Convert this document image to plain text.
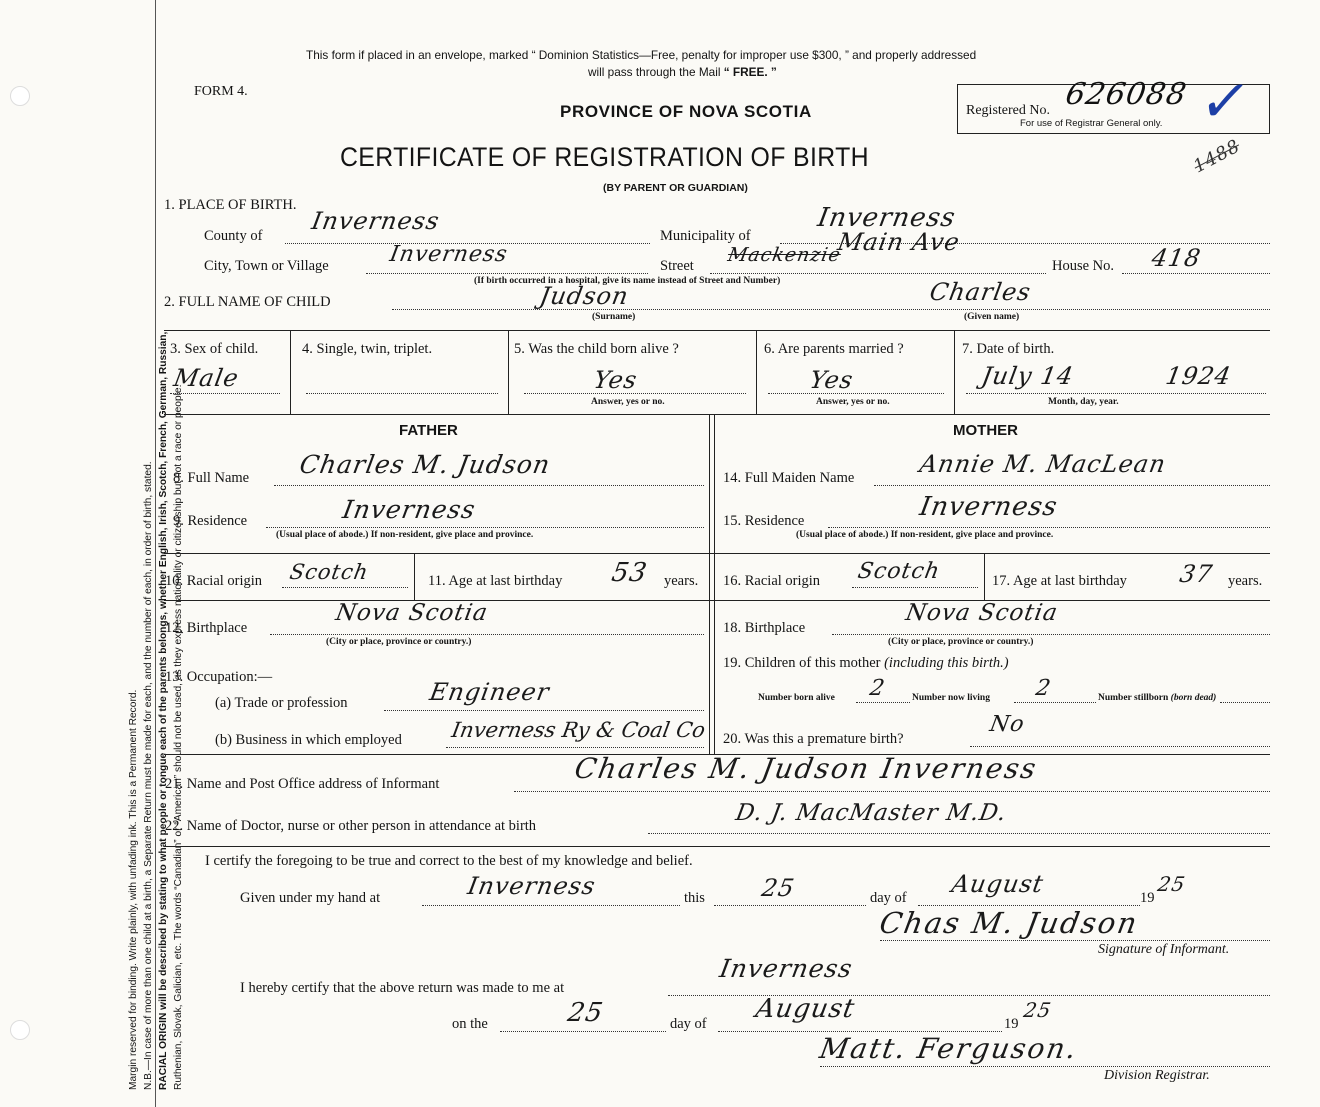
Margin reserved for binding. Write plainly, with unfading ink. This is a Permanent Record. N.B.—In case of more than one child at a birth, a Separate Return must be made for each, and the number of each, in order of birth, stated. RACIAL ORIGIN will be described by stating to what people or tongue each of the parents belongs, whether English, Irish, Scotch, French, German, Russian, Ruthenian, Slovak, Galician, etc. The words “Canadian” or “American” should not be used, as they express nationality or citizenship but not a race or people.
This form if placed in an envelope, marked “ Dominion Statistics—Free, penalty for improper use $300, ” and properly addressed
will pass through the Mail “ FREE. ”
FORM 4.
PROVINCE OF NOVA SCOTIA	Registered No. 626088 ✓
For use of Registrar General only.
1488
CERTIFICATE OF REGISTRATION OF BIRTH
(BY PARENT OR GUARDIAN)
1. PLACE OF BIRTH.
County of
Inverness
Municipality of
Inverness
City, Town or Village	Inverness	Street Mackenzie
Main Ave
(If birth occurred in a hospital, give its name instead of Street and Number)
House No. 418
2. FULL NAME OF CHILD	Judson
(Surname)
Charles
(Given name)
3. Sex of child.
Male
4. Single, twin, triplet.	5. Was the child born alive ?
Yes
Answer, yes or no.
6. Are parents married ?
Yes
Answer, yes or no.
7. Date of birth.
July 14	1924
Month, day, year.
FATHER	MOTHER
8. Full Name Charles M. Judson
9. Residence	Inverness
(Usual place of abode.) If non-resident, give place and province.
10. Racial origin Scotch	11. Age at last birthday 53 years.
12. Birthplace
Nova Scotia
(City or place, province or country.)
13. Occupation:—
(a) Trade or profession	Engineer
(b) Business in which employed Inverness Ry & Coal Co
14. Full Maiden Name	Annie M. MacLean
15. Residence	Inverness
(Usual place of abode.) If non-resident, give place and province.
16. Racial origin Scotch	17. Age at last birthday 37 years.
18. Birthplace
Nova Scotia
(City or place, province or country.)
19. Children of this mother (including this birth.)
Number born alive 2	Number now living 2	Number stillborn (born dead)
20. Was this a premature birth?
No
21. Name and Post Office address of Informant	Charles M. Judson Inverness
22. Name of Doctor, nurse or other person in attendance at birth	D. J. MacMaster M.D.
I certify the foregoing to be true and correct to the best of my knowledge and belief.
Given under my hand at	Inverness	this 25	day of August	19
25
Chas M. Judson
Signature of Informant.
I hereby certify that the above return was made to me at
Inverness
on the	25	day of August	19
25
Matt. Ferguson.
Division Registrar.
